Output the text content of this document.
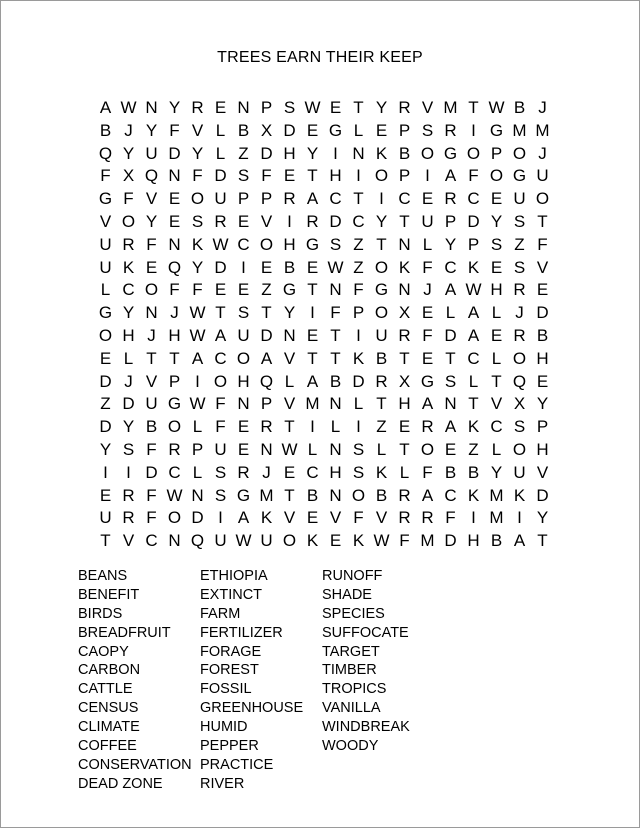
TREES EARN THEIR KEEP
A W N Y R E N P S W E T Y R V M T W B J
B J Y F V L B X D E G L E P S R I G M M
Q Y U D Y L Z D H Y I N K B O G O P O J
F X Q N F D S F E T H I O P I A F O G U
G F V E O U P P R A C T I C E R C E U O
V O Y E S R E V I R D C Y T U P D Y S T
U R F N K W C O H G S Z T N L Y P S Z F
U K E Q Y D I E B E W Z O K F C K E S V
L C O F F E E Z G T N F G N J A W H R E
G Y N J W T S T Y I F P O X E L A L J D
O H J H W A U D N E T I U R F D A E R B
E L T T A C O A V T T K B T E T C L O H
D J V P I O H Q L A B D R X G S L T Q E
Z D U G W F N P V M N L T H A N T V X Y
D Y B O L F E R T I L I Z E R A K C S P
Y S F R P U E N W L N S L T O E Z L O H
I	I D C L S R J E C H S K L F B B Y U V
E R F W N S G M T B N O B R A C K M K D
U R F O D I A K V E V F V R R F I M I Y
T V C N Q U W U O K E K W F M D H B A T
BEANS
BENEFIT
BIRDS
BREADFRUIT
CAOPY
CARBON
CATTLE
CENSUS
CLIMATE
COFFEE
CONSERVATION
DEAD ZONE
ETHIOPIA
EXTINCT
FARM
FERTILIZER
FORAGE
FOREST
FOSSIL
GREENHOUSE
HUMID
PEPPER
PRACTICE
RIVER
RUNOFF
SHADE
SPECIES
SUFFOCATE
TARGET
TIMBER
TROPICS
VANILLA
WINDBREAK
WOODY
